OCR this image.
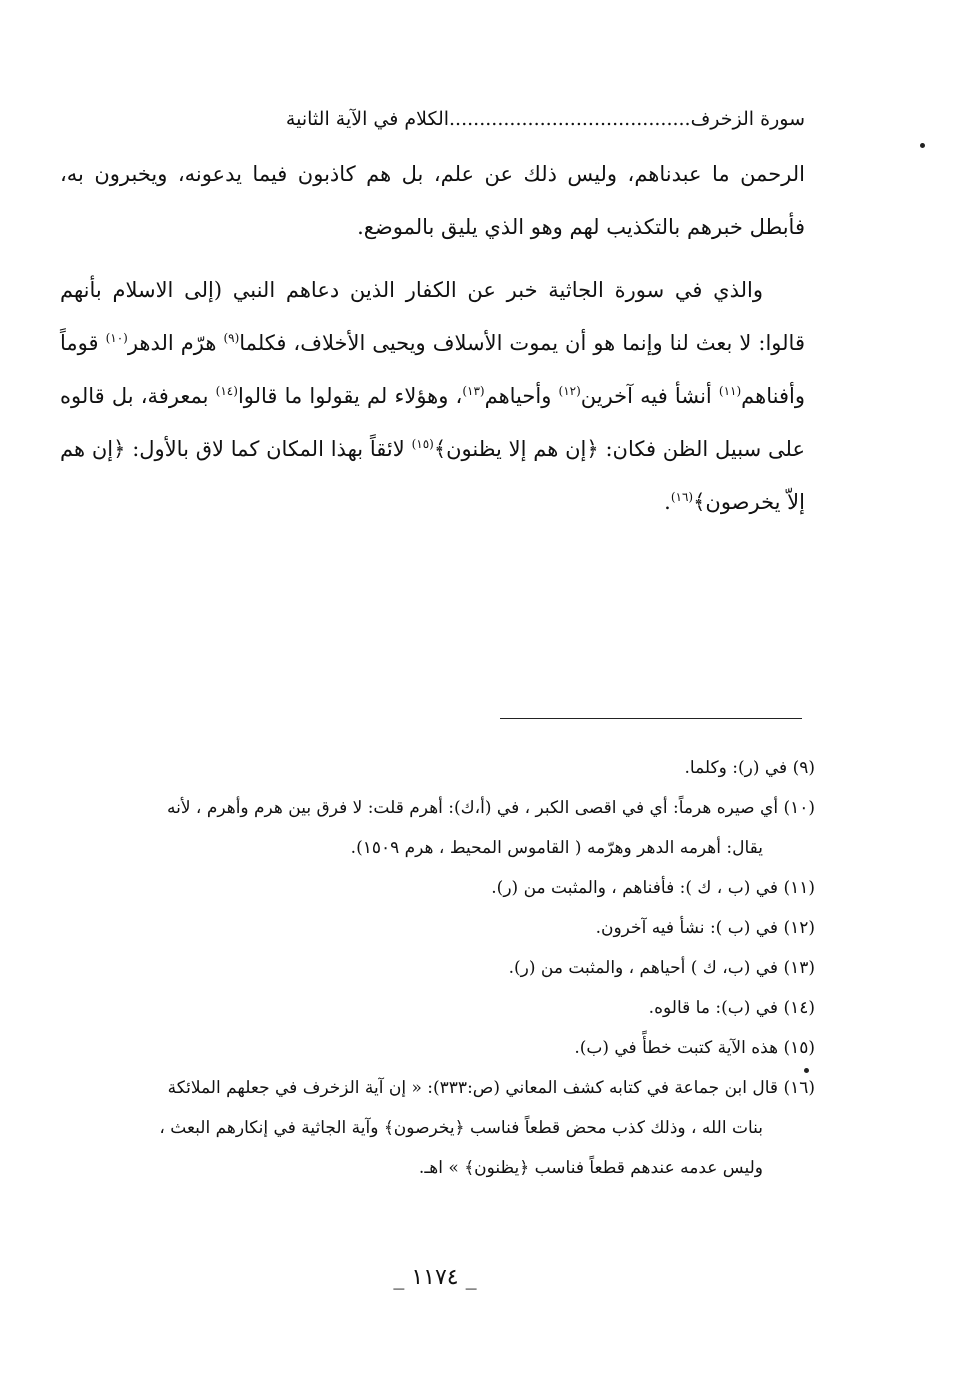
سورة الزخرف........................................الكلام في الآية الثانية

الرحمن ما عبدناهم، وليس ذلك عن علم، بل هم كاذبون فيما يدعونه، ويخبرون به، فأبطل خبرهم بالتكذيب لهم وهو الذي يليق بالموضع.

والذي في سورة الجاثية خبر عن الكفار الذين دعاهم النبي (إلى الاسلام بأنهم قالوا: لا بعث لنا وإنما هو أن يموت الأسلاف ويحيى الأخلاف، فكلما$^{(٩)}$ هرّم الدهر$^{(١٠)}$ قوماً وأفناهم$^{(١١)}$ أنشأ فيه آخرين$^{(١٢)}$ وأحياهم$^{(١٣)}$، وهؤلاء لم يقولوا ما قالوا$^{(١٤)}$ بمعرفة، بل قالوه على سبيل الظن فكان: ﴿إن هم إلا يظنون﴾$^{(١٥)}$ لائقاً بهذا المكان كما لاق بالأول: ﴿إن هم إلاّ يخرصون﴾$^{(١٦)}$.

(٩) في (ر): وكلما.

(١٠) أي صيره هرماً: أي في اقصى الكبر ، في (أ،ك): أهرم قلت: لا فرق بين هرم وأهرم ، لأنه
يقال: أهرمه الدهر وهرّمه ( القاموس المحيط ، هرم ١٥٠٩).

(١١) في (ب ، ك ): فأفناهم ، والمثبت من (ر).

(١٢) في (ب ): نشأ فيه آخرون.

(١٣) في (ب، ك ) أحياهم ، والمثبت من (ر).

(١٤) في (ب): ما قالوه.

(١٥) هذه الآية كتبت خطأً في (ب).

(١٦) قال ابن جماعة في كتابه كشف المعاني (ص:٣٣٣): « إن آية الزخرف في جعلهم الملائكة
بنات الله ، وذلك كذب محض قطعاً فناسب ﴿يخرصون﴾ وآية الجاثية في إنكارهم البعث ،
وليس عدمه عندهم قطعاً فناسب ﴿يظنون﴾ » اهـ.

_ ١١٧٤ _
